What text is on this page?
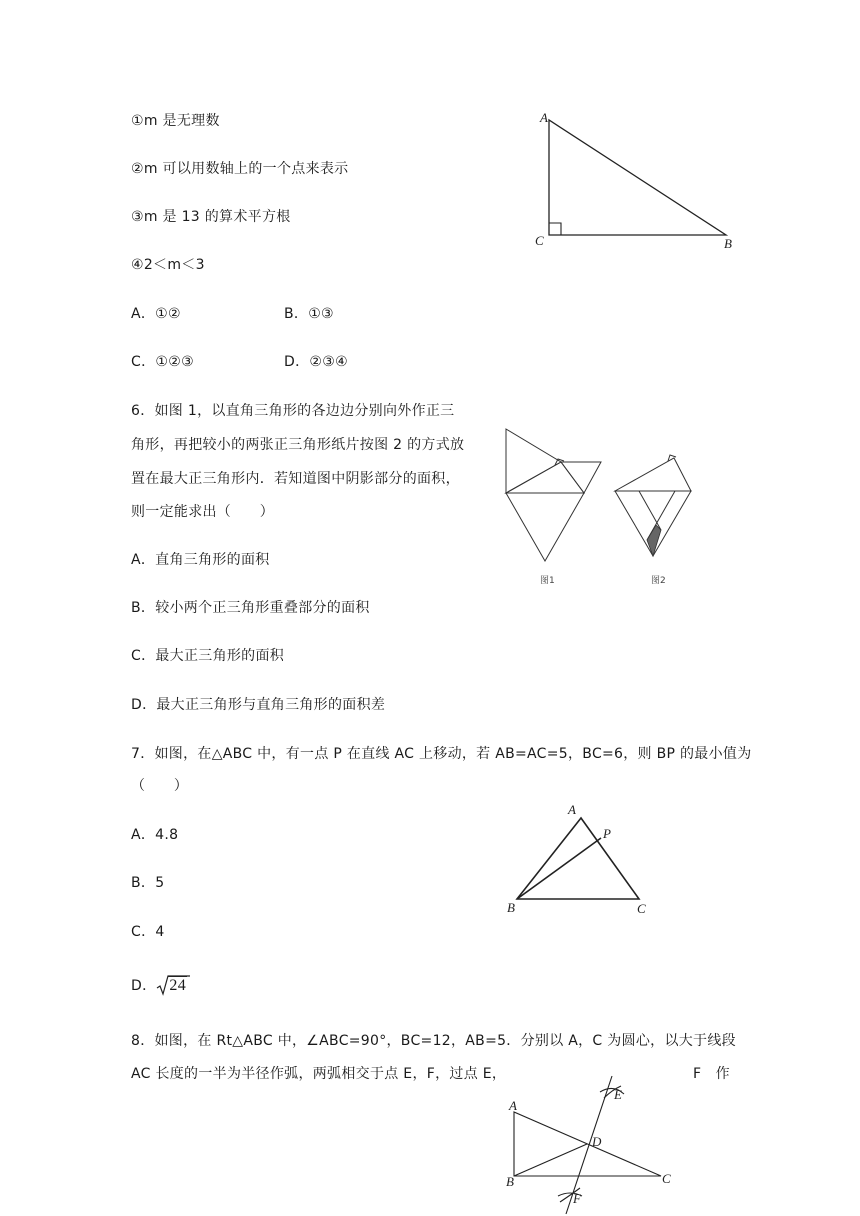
①m 是无理数
②m 可以用数轴上的一个点来表示
③m 是 13 的算术平方根
④2＜m＜3
A．①②	B．①③
C．①②③	D．②③④
A
C	B
6．如图 1，以直角三角形的各边边分别向外作正三
角形，再把较小的两张正三角形纸片按图 2 的方式放
置在最大正三角形内．若知道图中阴影部分的面积，
则一定能求出（　　）
A．直角三角形的面积
B．较小两个正三角形重叠部分的面积
C．最大正三角形的面积
D．最大正三角形与直角三角形的面积差
图1	图2
7．如图，在△ABC 中，有一点 P 在直线 AC 上移动，若 AB=AC=5，BC=6，则 BP 的最小值为
（　　）
A．4.8
B．5
C．4
D． 24
A
P
B	C
8．如图，在 Rt△ABC 中，∠ABC=90°，BC=12，AB=5．分别以 A，C 为圆心，以大于线段
AC 长度的一半为半径作弧，两弧相交于点 E，F，过点 E，	F　作
A
B	C
D
E
F
